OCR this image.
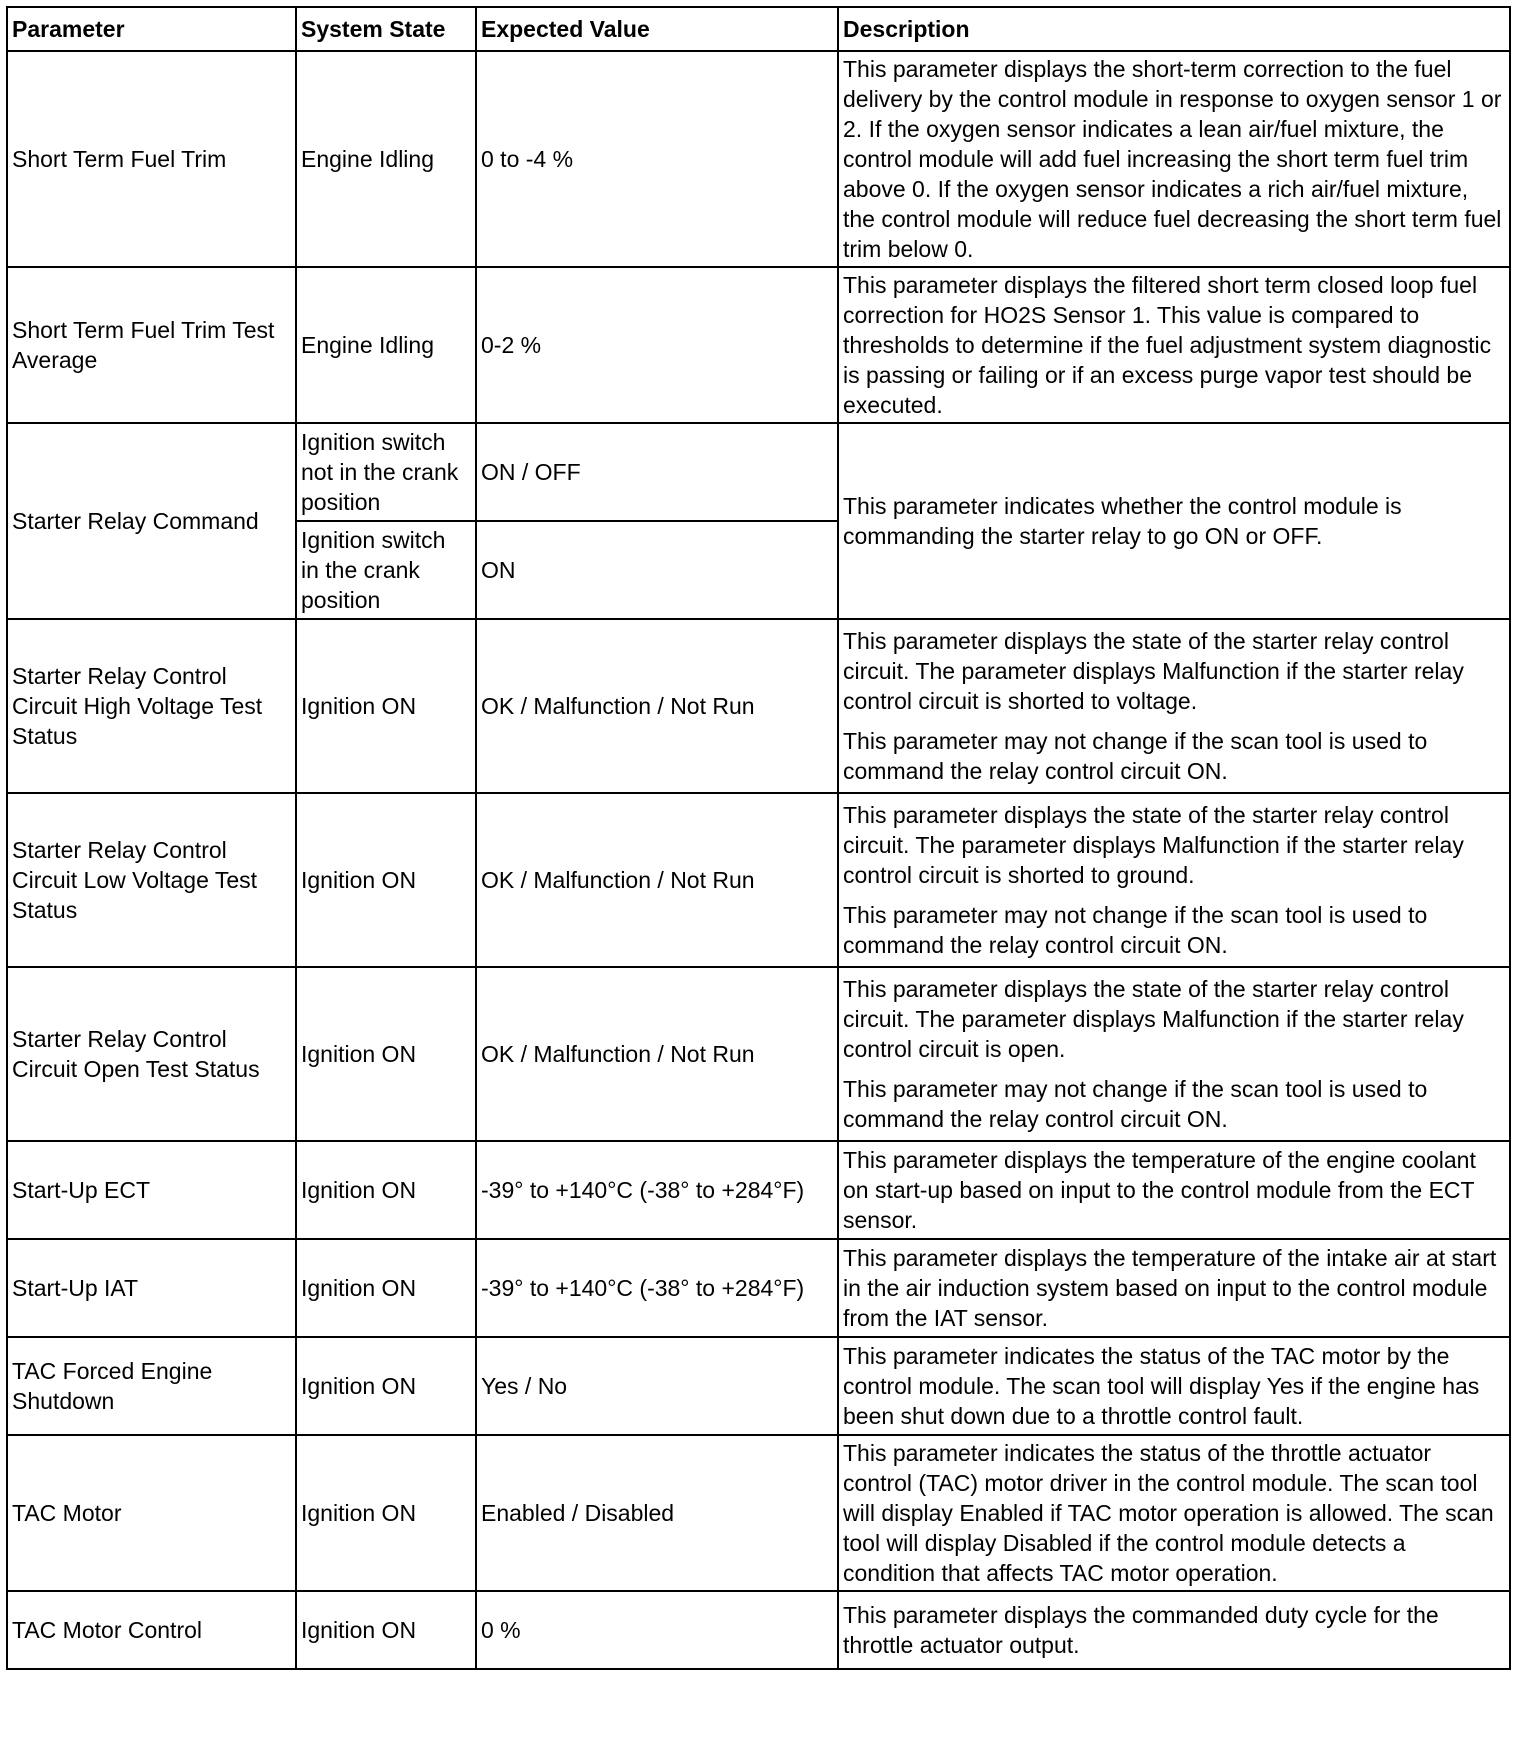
Parameter	System State	Expected Value	Description
Short Term Fuel Trim	Engine Idling	0 to -4 %	This parameter displays the short-term correction to the fuel delivery by the control module in response to oxygen sensor 1 or 2. If the oxygen sensor indicates a lean air/fuel mixture, the control module will add fuel increasing the short term fuel trim above 0. If the oxygen sensor indicates a rich air/fuel mixture, the control module will reduce fuel decreasing the short term fuel trim below 0.

Short Term Fuel Trim Test Average	Engine Idling	0-2 %	This parameter displays the filtered short term closed loop fuel correction for HO2S Sensor 1. This value is compared to thresholds to determine if the fuel adjustment system diagnostic is passing or failing or if an excess purge vapor test should be executed.

Starter Relay Command	Ignition switch not in the crank position	ON / OFF	This parameter indicates whether the control module is commanding the starter relay to go ON or OFF.

	Ignition switch in the crank position	ON	
Starter Relay Control Circuit High Voltage Test Status	Ignition ON	OK / Malfunction / Not Run	This parameter displays the state of the starter relay control circuit. The parameter displays Malfunction if the starter relay control circuit is shorted to voltage.
This parameter may not change if the scan tool is used to command the relay control circuit ON.

Starter Relay Control Circuit Low Voltage Test Status	Ignition ON	OK / Malfunction / Not Run	This parameter displays the state of the starter relay control circuit. The parameter displays Malfunction if the starter relay control circuit is shorted to ground.
This parameter may not change if the scan tool is used to command the relay control circuit ON.

Starter Relay Control Circuit Open Test Status	Ignition ON	OK / Malfunction / Not Run	This parameter displays the state of the starter relay control circuit. The parameter displays Malfunction if the starter relay control circuit is open.
This parameter may not change if the scan tool is used to command the relay control circuit ON.

Start-Up ECT	Ignition ON	-39° to +140°C (-38° to +284°F)	This parameter displays the temperature of the engine coolant on start-up based on input to the control module from the ECT sensor.

Start-Up IAT	Ignition ON	-39° to +140°C (-38° to +284°F)	This parameter displays the temperature of the intake air at start in the air induction system based on input to the control module from the IAT sensor.

TAC Forced Engine Shutdown	Ignition ON	Yes / No	This parameter indicates the status of the TAC motor by the control module. The scan tool will display Yes if the engine has been shut down due to a throttle control fault.

TAC Motor	Ignition ON	Enabled / Disabled	This parameter indicates the status of the throttle actuator control (TAC) motor driver in the control module. The scan tool will display Enabled if TAC motor operation is allowed. The scan tool will display Disabled if the control module detects a condition that affects TAC motor operation.

TAC Motor Control	Ignition ON	0 %	This parameter displays the commanded duty cycle for the throttle actuator output.
